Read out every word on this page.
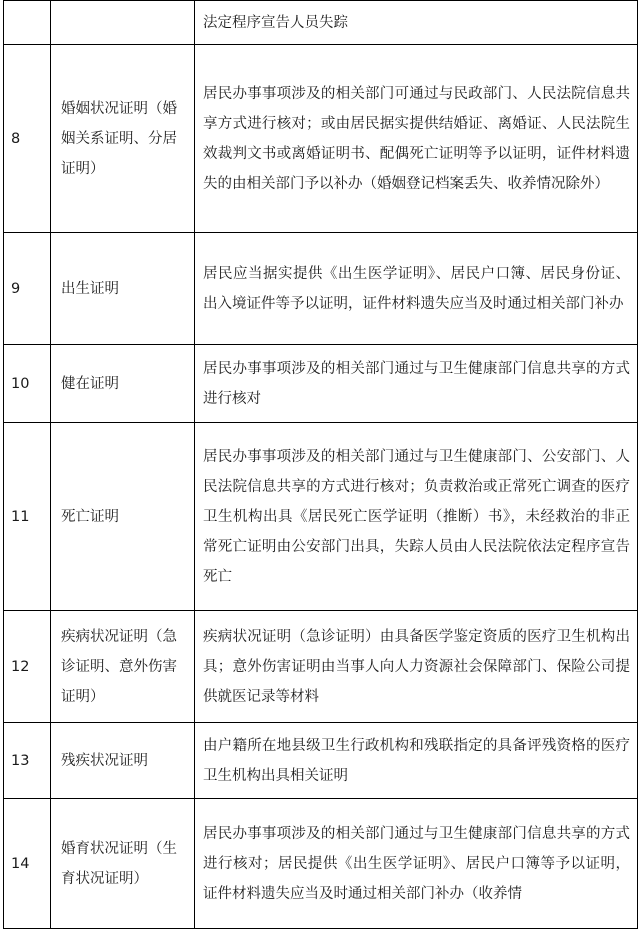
		法定程序宣告人员失踪
8	婚姻状况证明（婚姻关系证明、分居证明）	居民办事事项涉及的相关部门可通过与民政部门、人民法院信息共享方式进行核对；或由居民据实提供结婚证、离婚证、人民法院生效裁判文书或离婚证明书、配偶死亡证明等予以证明，证件材料遗失的由相关部门予以补办（婚姻登记档案丢失、收养情况除外）
9	出生证明	居民应当据实提供《出生医学证明》、居民户口簿、居民身份证、出入境证件等予以证明，证件材料遗失应当及时通过相关部门补办
10	健在证明	居民办事事项涉及的相关部门通过与卫生健康部门信息共享的方式进行核对
11	死亡证明	居民办事事项涉及的相关部门通过与卫生健康部门、公安部门、人民法院信息共享的方式进行核对；负责救治或正常死亡调查的医疗卫生机构出具《居民死亡医学证明（推断）书》，未经救治的非正常死亡证明由公安部门出具，失踪人员由人民法院依法定程序宣告死亡
12	疾病状况证明（急诊证明、意外伤害证明）	疾病状况证明（急诊证明）由具备医学鉴定资质的医疗卫生机构出具；意外伤害证明由当事人向人力资源社会保障部门、保险公司提供就医记录等材料
13	残疾状况证明	由户籍所在地县级卫生行政机构和残联指定的具备评残资格的医疗卫生机构出具相关证明
14	婚育状况证明（生育状况证明）	居民办事事项涉及的相关部门通过与卫生健康部门信息共享的方式进行核对；居民提供《出生医学证明》、居民户口簿等予以证明，证件材料遗失应当及时通过相关部门补办（收养情
